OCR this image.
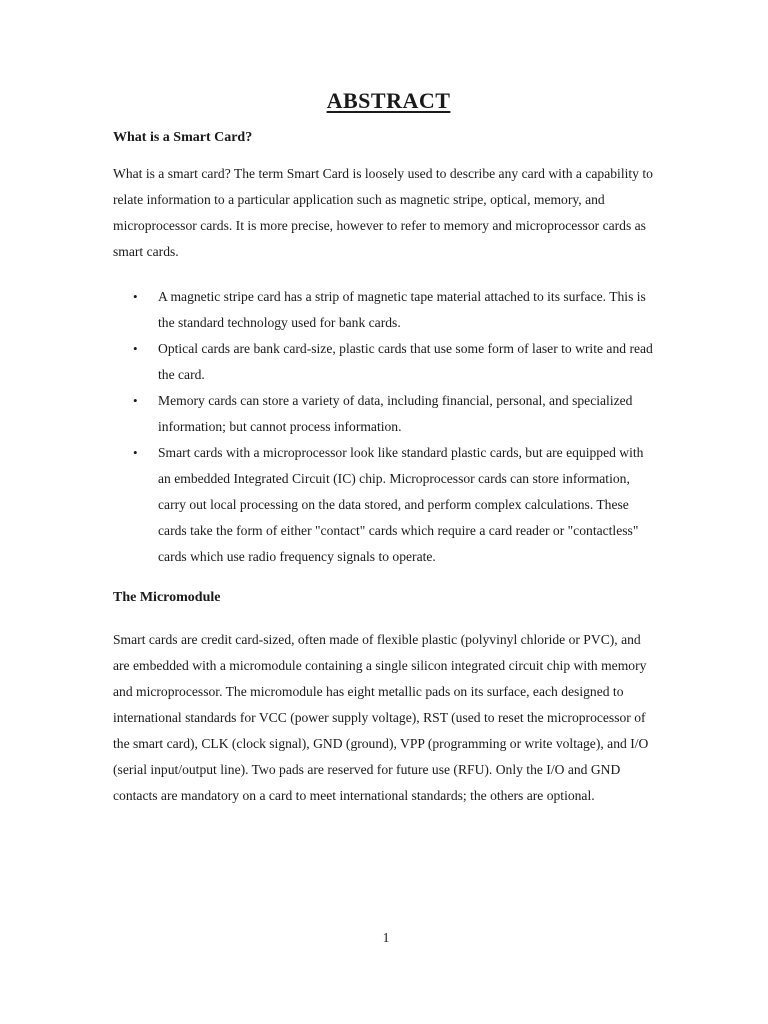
ABSTRACT
What is a Smart Card?

What is a smart card? The term Smart Card is loosely used to describe any card with a capability to relate information to a particular application such as magnetic stripe, optical, memory, and microprocessor cards. It is more precise, however to refer to memory and microprocessor cards as smart cards.

• A magnetic stripe card has a strip of magnetic tape material attached to its surface. This is the standard technology used for bank cards.
• Optical cards are bank card-size, plastic cards that use some form of laser to write and read the card.
• Memory cards can store a variety of data, including financial, personal, and specialized information; but cannot process information.
• Smart cards with a microprocessor look like standard plastic cards, but are equipped with an embedded Integrated Circuit (IC) chip. Microprocessor cards can store information, carry out local processing on the data stored, and perform complex calculations. These cards take the form of either "contact" cards which require a card reader or "contactless" cards which use radio frequency signals to operate.
The Micromodule

Smart cards are credit card-sized, often made of flexible plastic (polyvinyl chloride or PVC), and are embedded with a micromodule containing a single silicon integrated circuit chip with memory and microprocessor. The micromodule has eight metallic pads on its surface, each designed to international standards for VCC (power supply voltage), RST (used to reset the microprocessor of the smart card), CLK (clock signal), GND (ground), VPP (programming or write voltage), and I/O (serial input/output line). Two pads are reserved for future use (RFU). Only the I/O and GND contacts are mandatory on a card to meet international standards; the others are optional.

1
